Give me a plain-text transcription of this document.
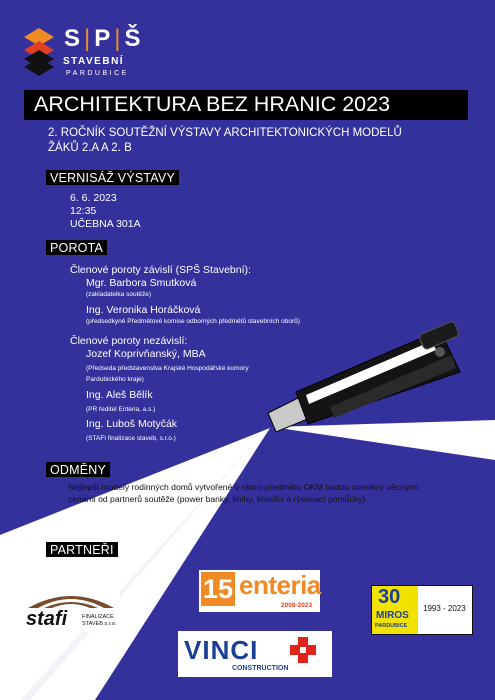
S|P|Š
STAVEBNÍ
PARDUBICE
ARCHITEKTURA BEZ HRANIC 2023
2. ROČNÍK SOUTĚŽNÍ VÝSTAVY ARCHITEKTONICKÝCH MODELŮ
ŽÁKŮ 2.A A 2. B
VERNISÁŽ VÝSTAVY
6. 6. 2023
12:35
UČEBNA 301A
POROTA
Členové poroty závislí (SPŠ Stavební):
Mgr. Barbora Smutková
(zakladatelka soutěže)
Ing. Veronika Horáčková
(předsedkyně Předmětové komise odborných předmětů stavebních oborů)
Členové poroty nezávislí:
Jozef Koprivňanský, MBA
(Předseda představenstva Krajské Hospodářské komory
Pardubického kraje)
Ing. Aleš Bělík
(PR ředitel Enteria, a.s.)
Ing. Luboš Motyčák
(STAFI finalizace staveb, s.r.o.)
ODMĚNY
Nejlepší modely rodinných domů vytvořené v rámci předmětu OKM budou oceněny věcnými
cenami od partnerů soutěže (power banky, knihy, kreslící a rýsovací pomůcky).
PARTNEŘI
15 enteria
2008-2023
stafi	FINALIZACE
STAVEB s.r.o.
30
MIROS
PARDUBICE
1993 - 2023
VINCI
CONSTRUCTION
